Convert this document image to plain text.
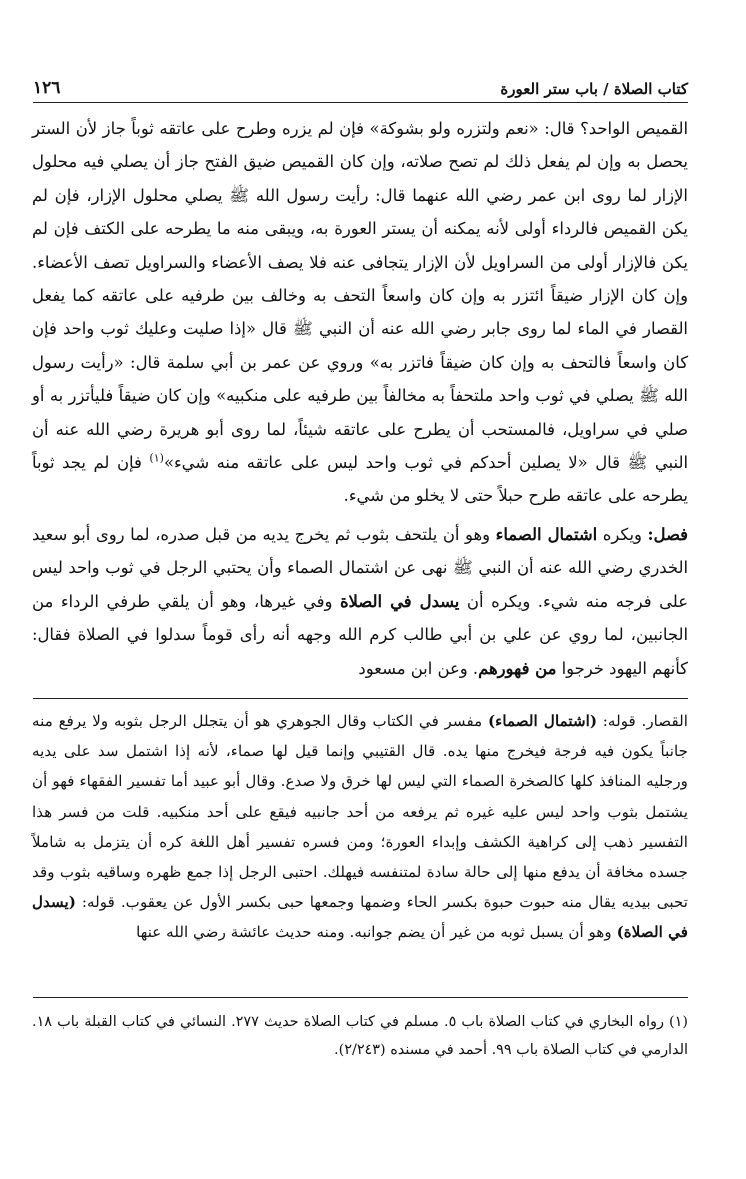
كتاب الصلاة / باب ستر العورة
١٢٦

القميص الواحد؟ قال: «نعم ولتزره ولو بشوكة» فإن لم يزره وطرح على عاتقه ثوباً جاز لأن الستر يحصل به وإن لم يفعل ذلك لم تصح صلاته، وإن كان القميص ضيق الفتح جاز أن يصلي فيه محلول الإزار لما روى ابن عمر رضي الله عنهما قال: رأيت رسول الله ﷺ يصلي محلول الإزار، فإن لم يكن القميص فالرداء أولى لأنه يمكنه أن يستر العورة به، ويبقى منه ما يطرحه على الكتف فإن لم يكن فالإزار أولى من السراويل لأن الإزار يتجافى عنه فلا يصف الأعضاء والسراويل تصف الأعضاء. وإن كان الإزار ضيقاً ائتزر به وإن كان واسعاً التحف به وخالف بين طرفيه على عاتقه كما يفعل القصار في الماء لما روى جابر رضي الله عنه أن النبي ﷺ قال «إذا صليت وعليك ثوب واحد فإن كان واسعاً فالتحف به وإن كان ضيقاً فاتزر به» وروي عن عمر بن أبي سلمة قال: «رأيت رسول الله ﷺ يصلي في ثوب واحد ملتحفاً به مخالفاً بين طرفيه على منكبيه» وإن كان ضيقاً فليأتزر به أو صلي في سراويل، فالمستحب أن يطرح على عاتقه شيئاً، لما روى أبو هريرة رضي الله عنه أن النبي ﷺ قال «لا يصلين أحدكم في ثوب واحد ليس على عاتقه منه شيء»$^{(١)}$ فإن لم يجد ثوباً يطرحه على عاتقه طرح حبلاً حتى لا يخلو من شيء.

فصل: ويكره اشتمال الصماء وهو أن يلتحف بثوب ثم يخرج يديه من قبل صدره، لما روى أبو سعيد الخدري رضي الله عنه أن النبي ﷺ نهى عن اشتمال الصماء وأن يحتبي الرجل في ثوب واحد ليس على فرجه منه شيء. ويكره أن يسدل في الصلاة وفي غيرها، وهو أن يلقي طرفي الرداء من الجانبين، لما روي عن علي بن أبي طالب كرم الله وجهه أنه رأى قوماً سدلوا في الصلاة فقال: كأنهم اليهود خرجوا من فهورهم. وعن ابن مسعود

القصار. قوله: (اشتمال الصماء) مفسر في الكتاب وقال الجوهري هو أن يتجلل الرجل بثوبه ولا يرفع منه جانباً يكون فيه فرجة فيخرج منها يده. قال القتيبي وإنما قيل لها صماء، لأنه إذا اشتمل سد على يديه ورجليه المنافذ كلها كالصخرة الصماء التي ليس لها خرق ولا صدع. وقال أبو عبيد أما تفسير الفقهاء فهو أن يشتمل بثوب واحد ليس عليه غيره ثم يرفعه من أحد جانبيه فيقع على أحد منكبيه. قلت من فسر هذا التفسير ذهب إلى كراهية الكشف وإبداء العورة؛ ومن فسره تفسير أهل اللغة كره أن يتزمل به شاملاً جسده مخافة أن يدفع منها إلى حالة سادة لمتنفسه فيهلك. احتبى الرجل إذا جمع ظهره وساقيه بثوب وقد تحبى بيديه يقال منه حبوت حبوة بكسر الحاء وضمها وجمعها حبى بكسر الأول عن يعقوب. قوله: (يسدل في الصلاة) وهو أن يسبل ثوبه من غير أن يضم جوانبه. ومنه حديث عائشة رضي الله عنها

(١) رواه البخاري في كتاب الصلاة باب ٥. مسلم في كتاب الصلاة حديث ٢٧٧. النسائي في كتاب القبلة باب ١٨. الدارمي في كتاب الصلاة باب ٩٩. أحمد في مسنده (٢/٢٤٣).
